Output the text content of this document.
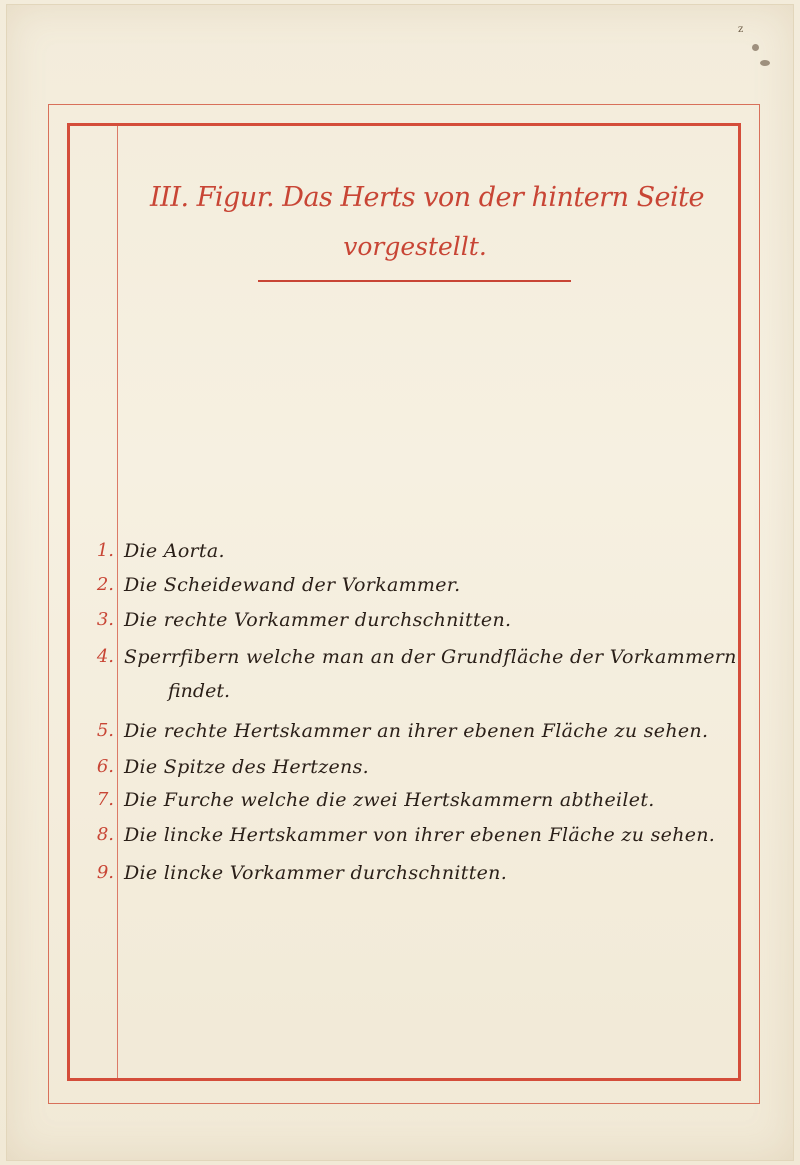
z
III. Figur. Das Herts von der hintern Seite
vorgestellt.
1. Die Aorta.
2. Die Scheidewand der Vorkammer.
3. Die rechte Vorkammer durchschnitten.
4. Sperrfibern welche man an der Grundfläche der Vorkammern
findet.
5. Die rechte Hertskammer an ihrer ebenen Fläche zu sehen.
6. Die Spitze des Hertzens.
7. Die Furche welche die zwei Hertskammern abtheilet.
8. Die lincke Hertskammer von ihrer ebenen Fläche zu sehen.
9. Die lincke Vorkammer durchschnitten.
